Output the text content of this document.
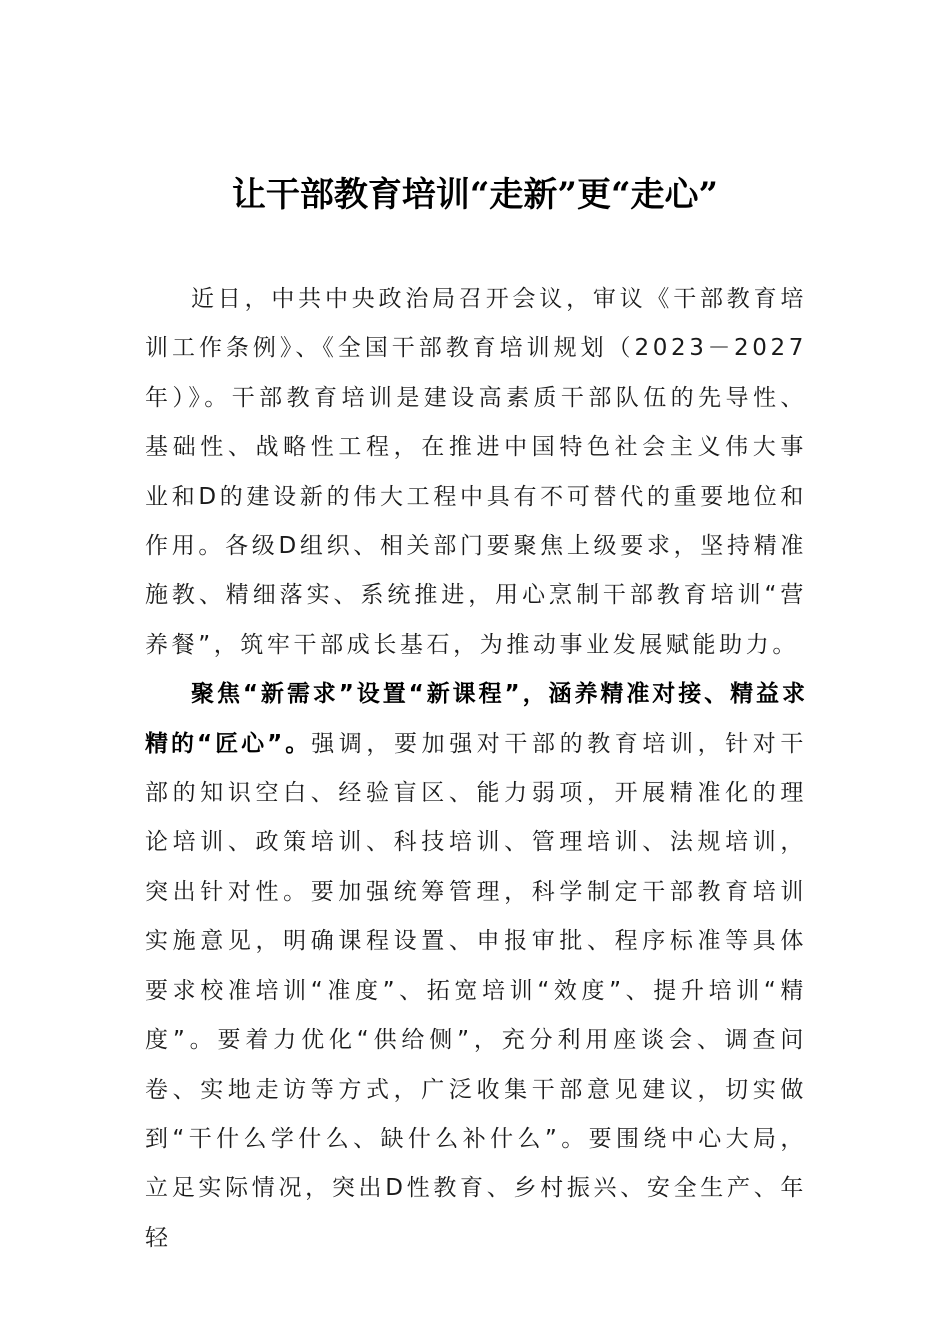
让干部教育培训“走新”更“走心”

近日，中共中央政治局召开会议，审议《干部教育培训工作条例》、《全国干部教育培训规划（2023－2027年）》。干部教育培训是建设高素质干部队伍的先导性、基础性、战略性工程，在推进中国特色社会主义伟大事业和D的建设新的伟大工程中具有不可替代的重要地位和作用。各级D组织、相关部门要聚焦上级要求，坚持精准施教、精细落实、系统推进，用心烹制干部教育培训“营养餐”，筑牢干部成长基石，为推动事业发展赋能助力。

聚焦“新需求”设置“新课程”，涵养精准对接、精益求精的“匠心”。强调，要加强对干部的教育培训，针对干部的知识空白、经验盲区、能力弱项，开展精准化的理论培训、政策培训、科技培训、管理培训、法规培训，突出针对性。要加强统筹管理，科学制定干部教育培训实施意见，明确课程设置、申报审批、程序标准等具体要求校准培训“准度”、拓宽培训“效度”、提升培训“精度”。要着力优化“供给侧”，充分利用座谈会、调查问卷、实地走访等方式，广泛收集干部意见建议，切实做到“干什么学什么、缺什么补什么”。要围绕中心大局，立足实际情况，突出D性教育、乡村振兴、安全生产、年轻
